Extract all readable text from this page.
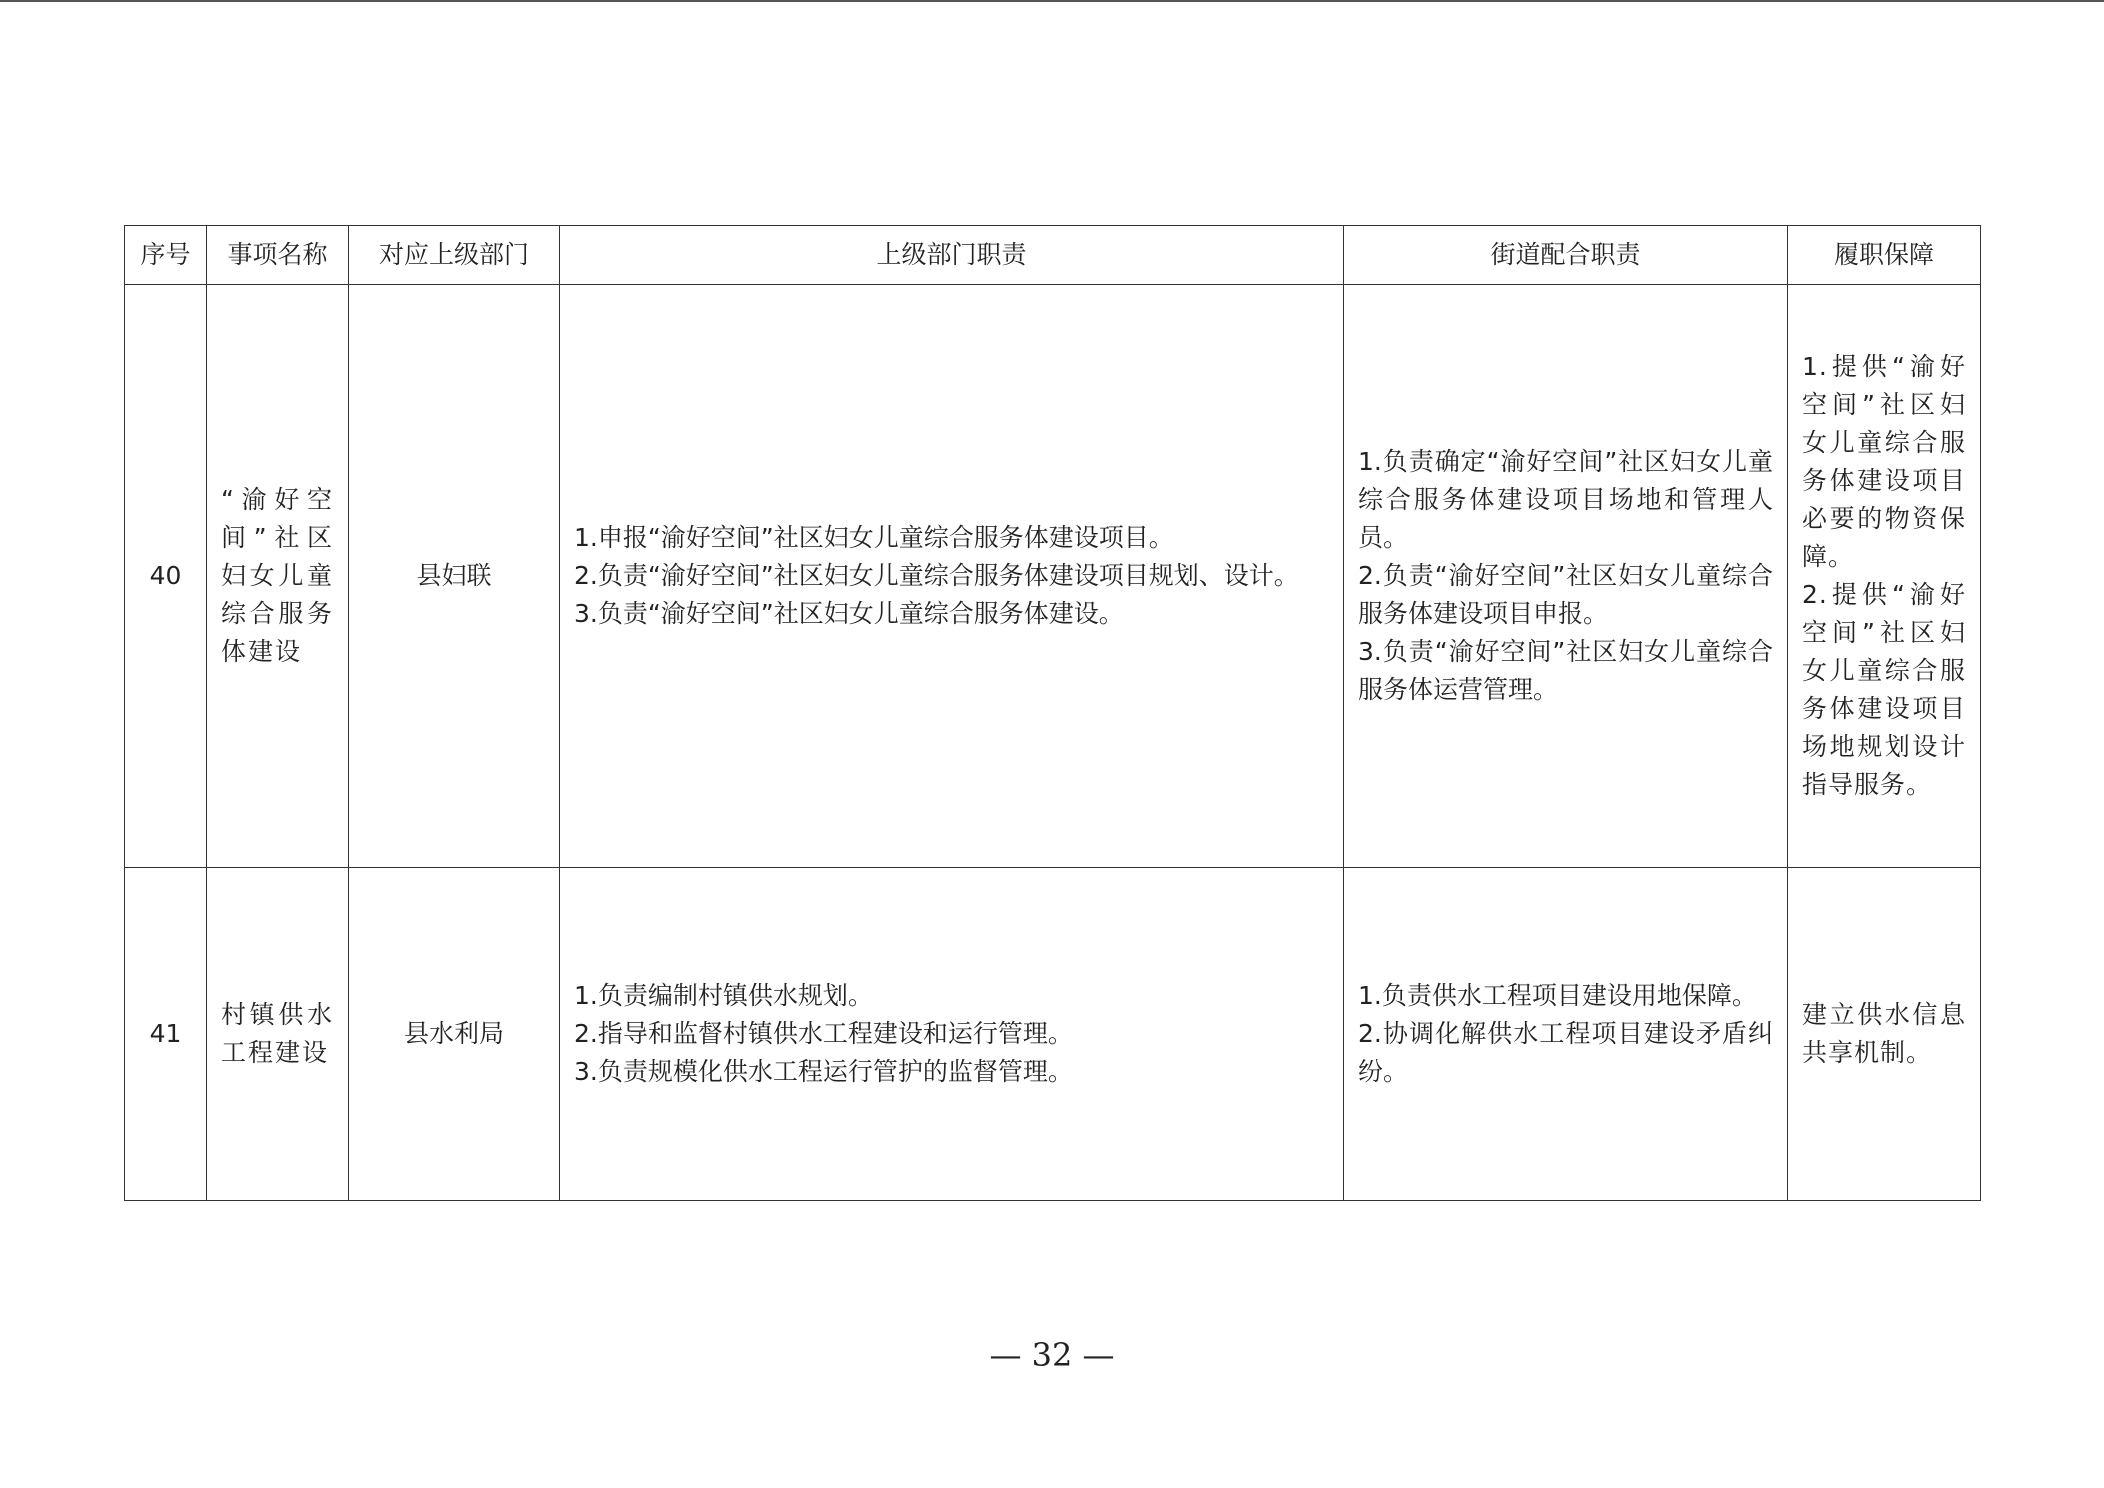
序号	事项名称	对应上级部门	上级部门职责	街道配合职责	履职保障
40	“渝好空间”社区妇女儿童综合服务体建设	县妇联	1.申报“渝好空间”社区妇女儿童综合服务体建设项目。
2.负责“渝好空间”社区妇女儿童综合服务体建设项目规划、设计。
3.负责“渝好空间”社区妇女儿童综合服务体建设。	1.负责确定“渝好空间”社区妇女儿童综合服务体建设项目场地和管理人员。
2.负责“渝好空间”社区妇女儿童综合服务体建设项目申报。
3.负责“渝好空间”社区妇女儿童综合服务体运营管理。	1.提供“渝好空间”社区妇女儿童综合服务体建设项目必要的物资保障。
2.提供“渝好空间”社区妇女儿童综合服务体建设项目场地规划设计指导服务。

41	村镇供水工程建设	县水利局	1.负责编制村镇供水规划。
2.指导和监督村镇供水工程建设和运行管理。
3.负责规模化供水工程运行管护的监督管理。	1.负责供水工程项目建设用地保障。
2.协调化解供水工程项目建设矛盾纠纷。	建立供水信息共享机制。
— 32 —
